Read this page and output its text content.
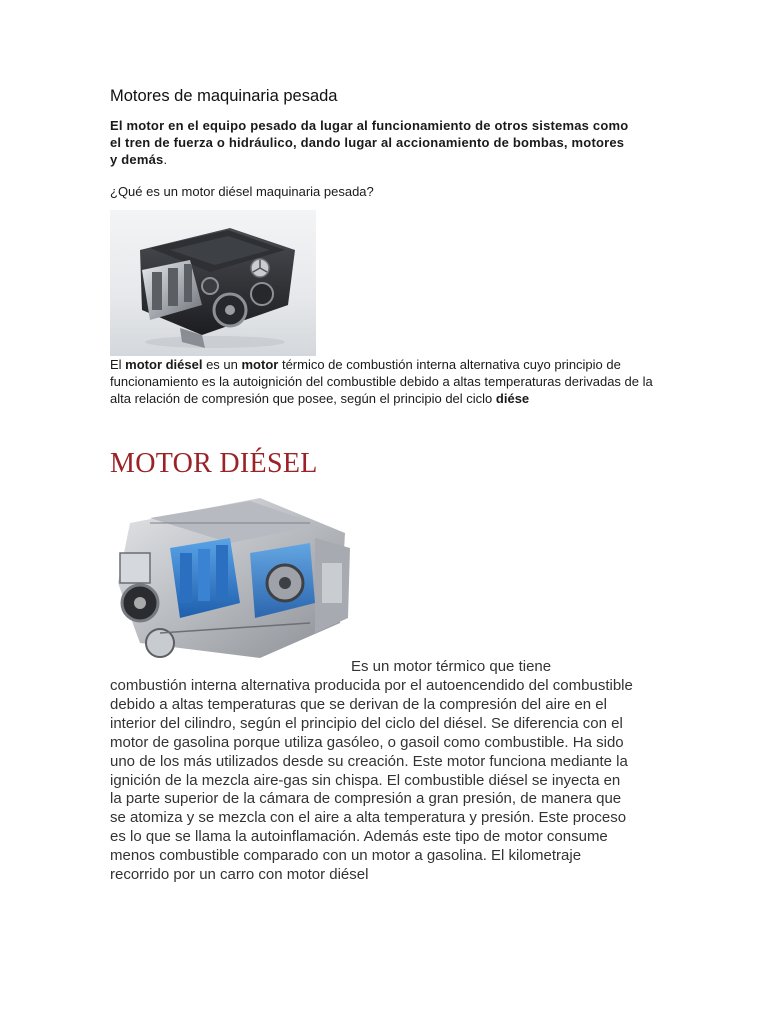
Motores de maquinaria pesada

El motor en el equipo pesado da lugar al funcionamiento de otros sistemas como el tren de fuerza o hidráulico, dando lugar al accionamiento de bombas, motores y demás.

¿Qué es un motor diésel maquinaria pesada?

El motor diésel es un motor térmico de combustión interna alternativa cuyo principio de funcionamiento es la autoignición del combustible debido a altas temperaturas derivadas de la alta relación de compresión que posee, según el principio del ciclo diése

MOTOR DIÉSEL

Es un motor térmico que tiene

combustión interna alternativa producida por el autoencendido del combustible debido a altas temperaturas que se derivan de la compresión del aire en el interior del cilindro, según el principio del ciclo del diésel. Se diferencia con el motor de gasolina porque utiliza gasóleo, o gasoil como combustible. Ha sido uno de los más utilizados desde su creación. Este motor funciona mediante la ignición de la mezcla aire-gas sin chispa. El combustible diésel se inyecta en la parte superior de la cámara de compresión a gran presión, de manera que se atomiza y se mezcla con el aire a alta temperatura y presión. Este proceso es lo que se llama la autoinflamación. Además este tipo de motor consume menos combustible comparado con un motor a gasolina. El kilometraje recorrido por un carro con motor diésel
